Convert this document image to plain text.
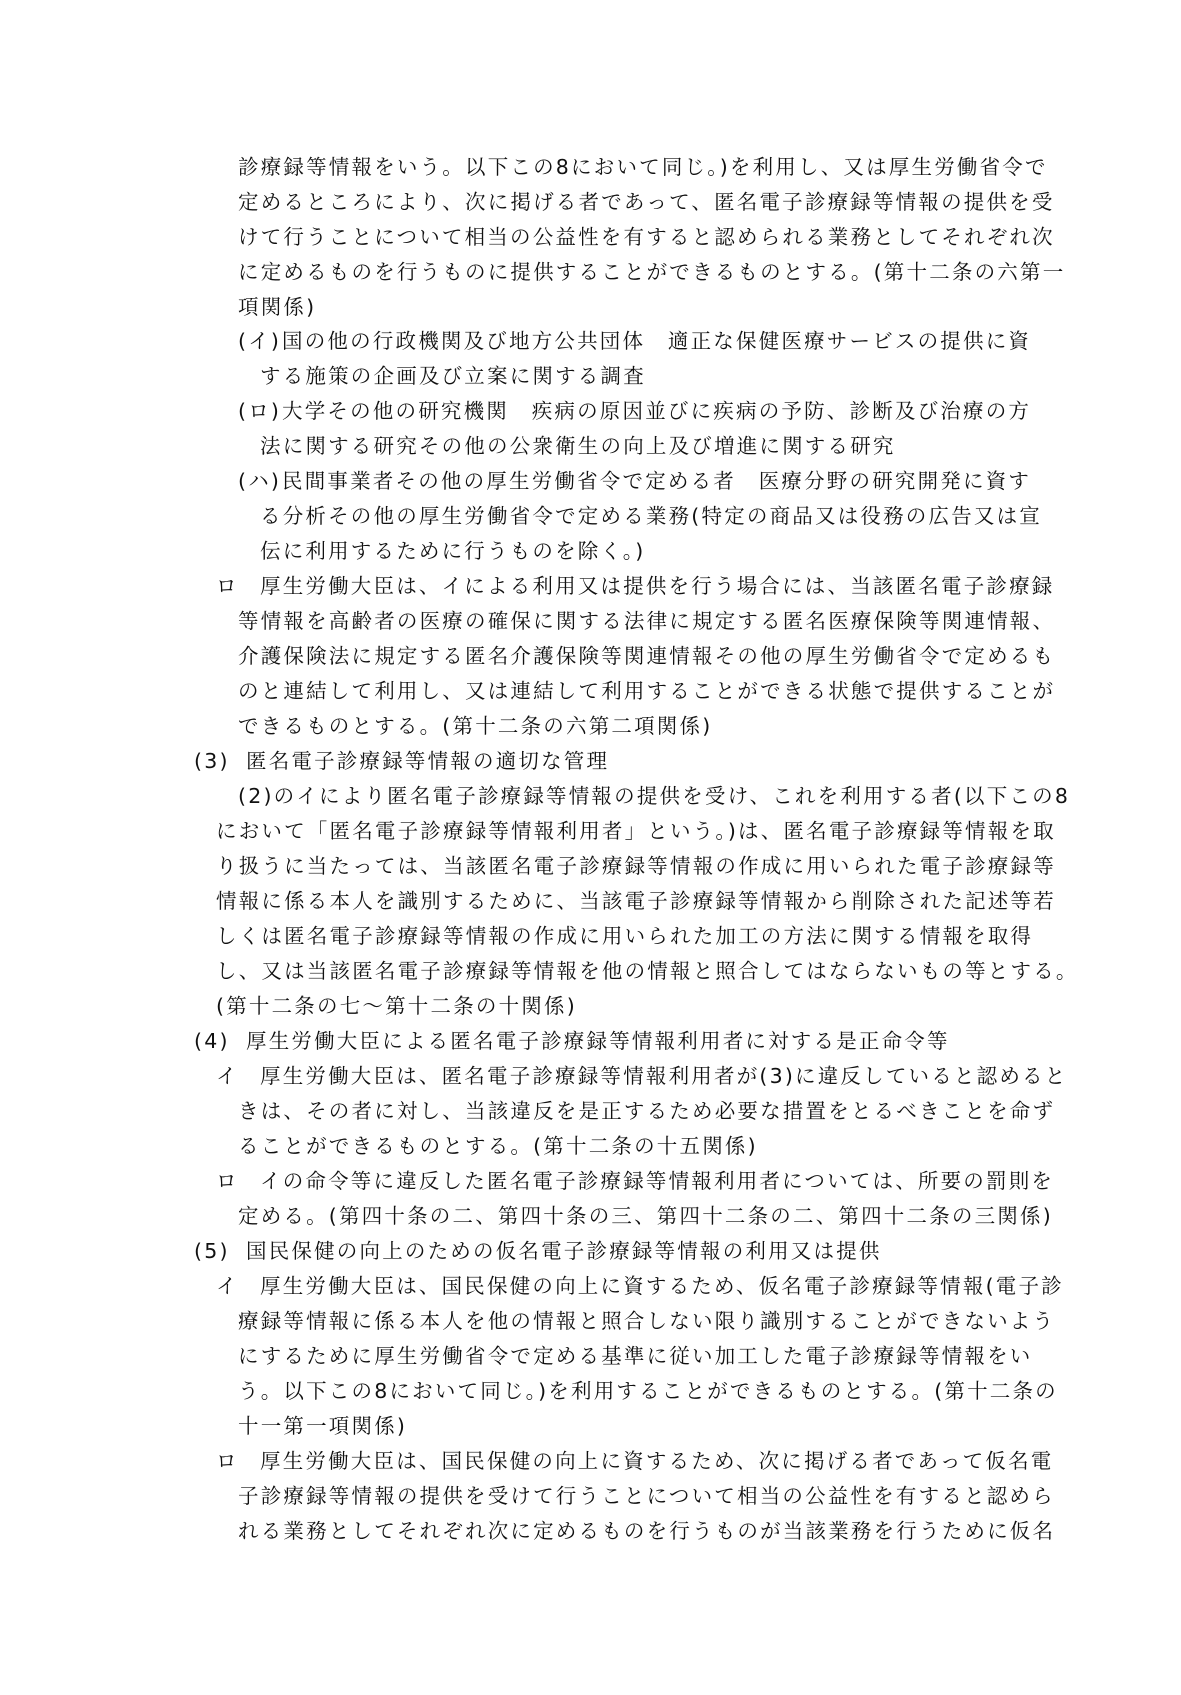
診療録等情報をいう。以下この8において同じ。)を利用し、又は厚生労働省令で
定めるところにより、次に掲げる者であって、匿名電子診療録等情報の提供を受
けて行うことについて相当の公益性を有すると認められる業務としてそれぞれ次
に定めるものを行うものに提供することができるものとする。(第十二条の六第一
項関係)
(イ)国の他の行政機関及び地方公共団体　適正な保健医療サービスの提供に資
する施策の企画及び立案に関する調査
(ロ)大学その他の研究機関　疾病の原因並びに疾病の予防、診断及び治療の方
法に関する研究その他の公衆衛生の向上及び増進に関する研究
(ハ)民間事業者その他の厚生労働省令で定める者　医療分野の研究開発に資す
る分析その他の厚生労働省令で定める業務(特定の商品又は役務の広告又は宣
伝に利用するために行うものを除く。)
ロ 厚生労働大臣は、イによる利用又は提供を行う場合には、当該匿名電子診療録
等情報を高齢者の医療の確保に関する法律に規定する匿名医療保険等関連情報、
介護保険法に規定する匿名介護保険等関連情報その他の厚生労働省令で定めるも
のと連結して利用し、又は連結して利用することができる状態で提供することが
できるものとする。(第十二条の六第二項関係)
(3) 匿名電子診療録等情報の適切な管理
(2)のイにより匿名電子診療録等情報の提供を受け、これを利用する者(以下この8
において「匿名電子診療録等情報利用者」という。)は、匿名電子診療録等情報を取
り扱うに当たっては、当該匿名電子診療録等情報の作成に用いられた電子診療録等
情報に係る本人を識別するために、当該電子診療録等情報から削除された記述等若
しくは匿名電子診療録等情報の作成に用いられた加工の方法に関する情報を取得
し、又は当該匿名電子診療録等情報を他の情報と照合してはならないもの等とする。
(第十二条の七～第十二条の十関係)
(4) 厚生労働大臣による匿名電子診療録等情報利用者に対する是正命令等
イ 厚生労働大臣は、匿名電子診療録等情報利用者が(3)に違反していると認めると
きは、その者に対し、当該違反を是正するため必要な措置をとるべきことを命ず
ることができるものとする。(第十二条の十五関係)
ロ イの命令等に違反した匿名電子診療録等情報利用者については、所要の罰則を
定める。(第四十条の二、第四十条の三、第四十二条の二、第四十二条の三関係)
(5) 国民保健の向上のための仮名電子診療録等情報の利用又は提供
イ 厚生労働大臣は、国民保健の向上に資するため、仮名電子診療録等情報(電子診
療録等情報に係る本人を他の情報と照合しない限り識別することができないよう
にするために厚生労働省令で定める基準に従い加工した電子診療録等情報をい
う。以下この8において同じ。)を利用することができるものとする。(第十二条の
十一第一項関係)
ロ 厚生労働大臣は、国民保健の向上に資するため、次に掲げる者であって仮名電
子診療録等情報の提供を受けて行うことについて相当の公益性を有すると認めら
れる業務としてそれぞれ次に定めるものを行うものが当該業務を行うために仮名
